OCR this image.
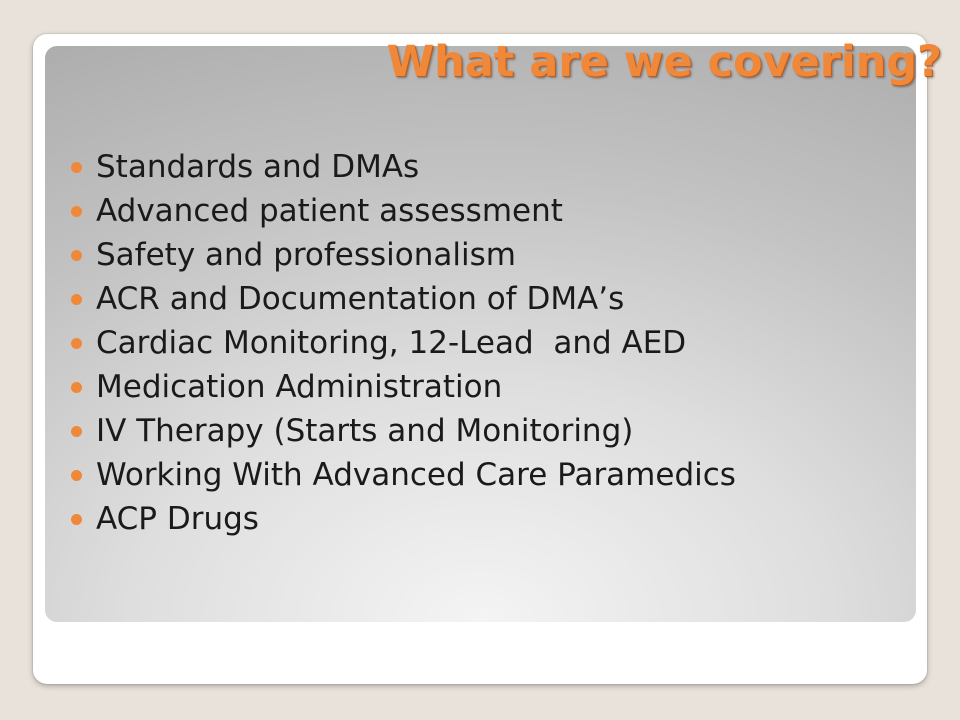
What are we covering?
Standards and DMAs
Advanced patient assessment
Safety and professionalism
ACR and Documentation of DMA’s
Cardiac Monitoring, 12-Lead  and AED
Medication Administration
IV Therapy (Starts and Monitoring)
Working With Advanced Care Paramedics
ACP Drugs
